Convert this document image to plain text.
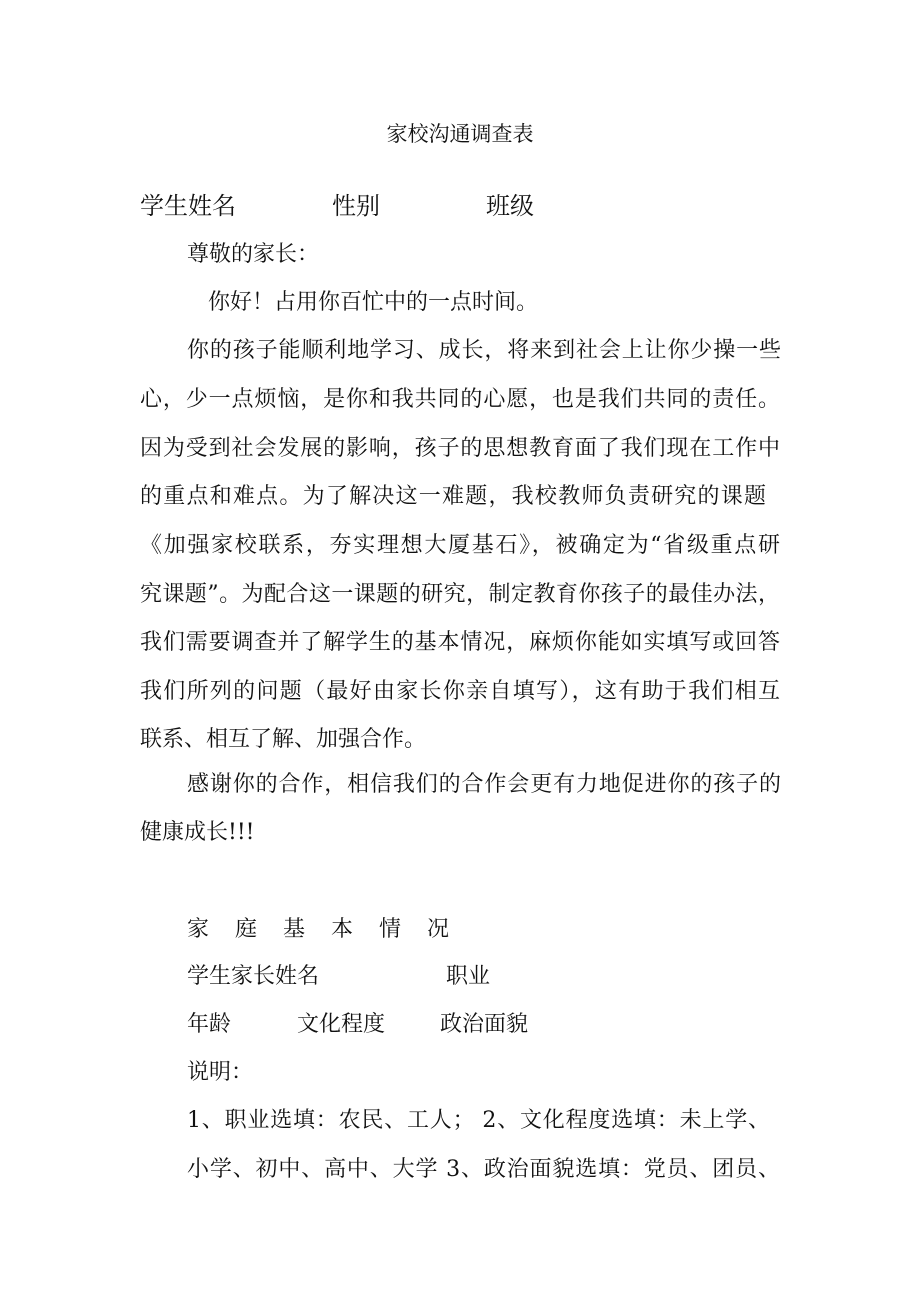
家校沟通调查表
学生姓名	性别	班级
尊敬的家长：
你好！占用你百忙中的一点时间。
你的孩子能顺利地学习、成长，将来到社会上让你少操一些
心，少一点烦恼，是你和我共同的心愿，也是我们共同的责任。
因为受到社会发展的影响，孩子的思想教育面了我们现在工作中
的重点和难点。为了解决这一难题，我校教师负责研究的课题
《加强家校联系，夯实理想大厦基石》，被确定为“省级重点研
究课题”。为配合这一课题的研究，制定教育你孩子的最佳办法，
我们需要调查并了解学生的基本情况，麻烦你能如实填写或回答
我们所列的问题（最好由家长你亲自填写），这有助于我们相互
联系、相互了解、加强合作。
感谢你的合作，相信我们的合作会更有力地促进你的孩子的
健康成长!!!
家庭基本情况
学生家长姓名	职业
年龄	文化程度 政治面貌
说明：
1、职业选填：农民、工人； 2、文化程度选填：未上学、
小学、初中、高中、大学 3、政治面貌选填：党员、团员、
